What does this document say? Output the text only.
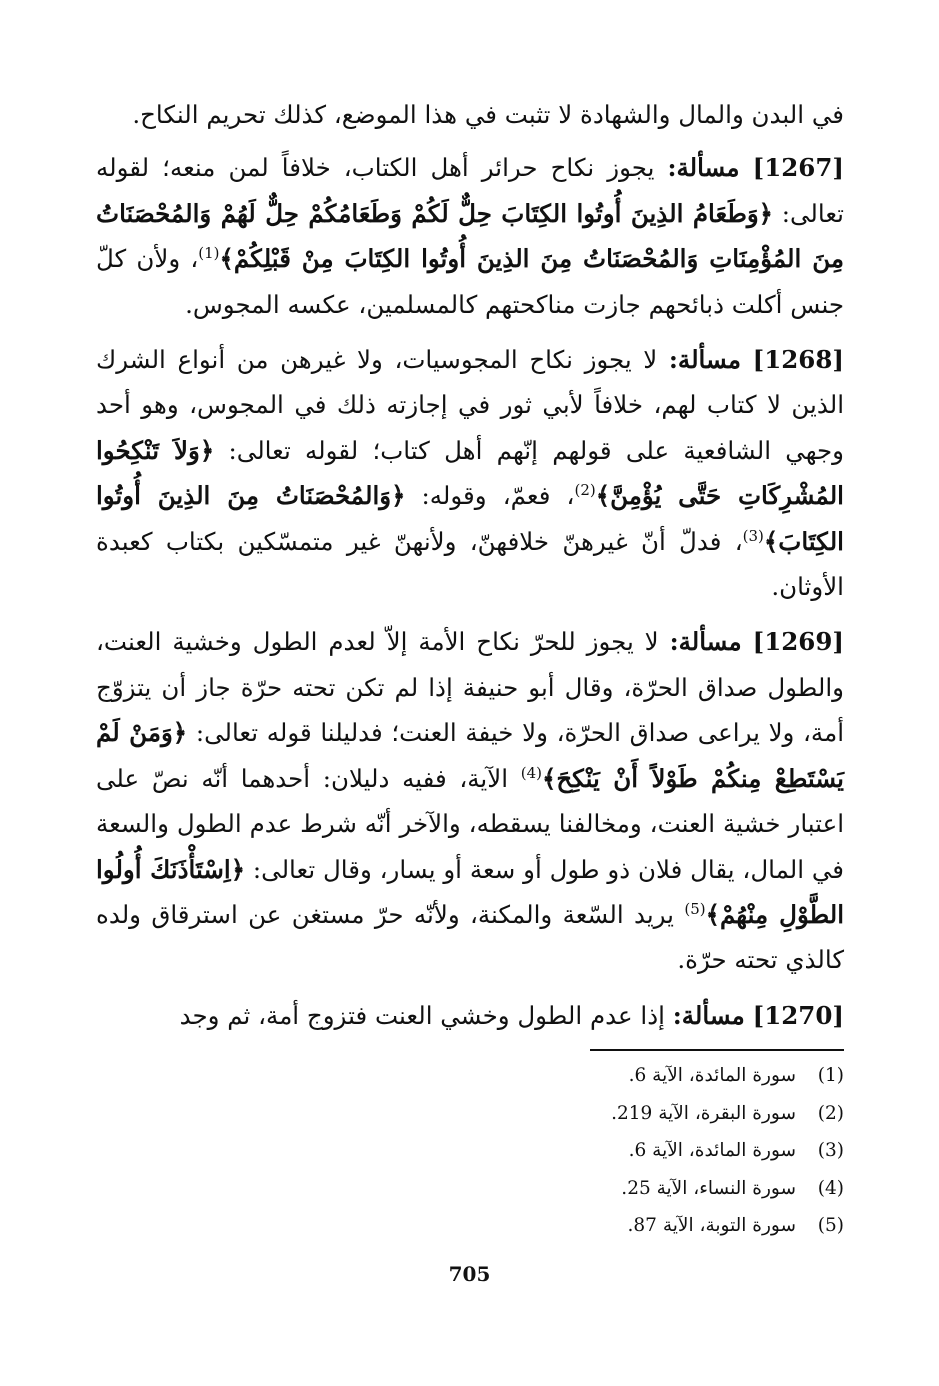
في البدن والمال والشهادة لا تثبت في هذا الموضع، كذلك تحريم النكاح.

[1267] مسألة: يجوز نكاح حرائر أهل الكتاب، خلافاً لمن منعه؛ لقوله تعالى: ﴿وَطَعَامُ الذِينَ أُوتُوا الكِتَابَ حِلٌّ لَكُمْ وَطَعَامُكُمْ حِلٌّ لَهُمْ وَالمُحْصَنَاتُ مِنَ المُؤْمِنَاتِ وَالمُحْصَنَاتُ مِنَ الذِينَ أُوتُوا الكِتَابَ مِنْ قَبْلِكُمْ﴾$^{(1)}$، ولأن كلّ جنس أكلت ذبائحهم جازت مناكحتهم كالمسلمين، عكسه المجوس.

[1268] مسألة: لا يجوز نكاح المجوسيات، ولا غيرهن من أنواع الشرك الذين لا كتاب لهم، خلافاً لأبي ثور في إجازته ذلك في المجوس، وهو أحد وجهي الشافعية على قولهم إنّهم أهل كتاب؛ لقوله تعالى: ﴿وَلاَ تَنْكِحُوا المُشْرِكَاتِ حَتَّى يُؤْمِنَّ﴾$^{(2)}$، فعمّ، وقوله: ﴿وَالمُحْصَنَاتُ مِنَ الذِينَ أُوتُوا الكِتَابَ﴾$^{(3)}$، فدلّ أنّ غيرهنّ خلافهنّ، ولأنهنّ غير متمسّكين بكتاب كعبدة الأوثان.

[1269] مسألة: لا يجوز للحرّ نكاح الأمة إلاّ لعدم الطول وخشية العنت، والطول صداق الحرّة، وقال أبو حنيفة إذا لم تكن تحته حرّة جاز أن يتزوّج أمة، ولا يراعى صداق الحرّة، ولا خيفة العنت؛ فدليلنا قوله تعالى: ﴿وَمَنْ لَمْ يَسْتَطِعْ مِنكُمْ طَوْلاً أَنْ يَنْكِحَ﴾$^{(4)}$ الآية، ففيه دليلان: أحدهما أنّه نصّ على اعتبار خشية العنت، ومخالفنا يسقطه، والآخر أنّه شرط عدم الطول والسعة في المال، يقال فلان ذو طول أو سعة أو يسار، وقال تعالى: ﴿اِسْتَأْذَنَكَ أُولُوا الطَّوْلِ مِنْهُمْ﴾$^{(5)}$ يريد السّعة والمكنة، ولأنّه حرّ مستغن عن استرقاق ولده كالذي تحته حرّة.

[1270] مسألة: إذا عدم الطول وخشي العنت فتزوج أمة، ثم وجد

(1)
سورة المائدة، الآية 6.
(2)
سورة البقرة، الآية 219.
(3)
سورة المائدة، الآية 6.
(4)
سورة النساء، الآية 25.
(5)
سورة التوبة، الآية 87.
705
